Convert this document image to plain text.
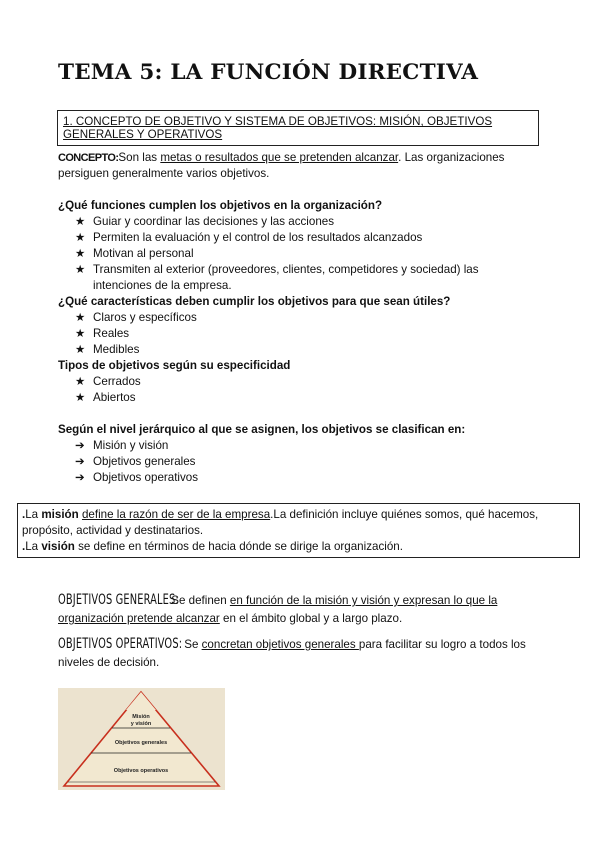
TEMA 5: LA FUNCIÓN DIRECTIVA
1. CONCEPTO DE OBJETIVO Y SISTEMA DE OBJETIVOS: MISIÓN, OBJETIVOS GENERALES Y OPERATIVOS
CONCEPTO:Son las metas o resultados que se pretenden alcanzar. Las organizaciones
persiguen generalmente varios objetivos.
¿Qué funciones cumplen los objetivos en la organización?
★ Guiar y coordinar las decisiones y las acciones
★ Permiten la evaluación y el control de los resultados alcanzados
★ Motivan al personal
★ Transmiten al exterior (proveedores, clientes, competidores y sociedad) las
intenciones de la empresa.
¿Qué características deben cumplir los objetivos para que sean útiles?
★ Claros y específicos
★ Reales
★ Medibles
Tipos de objetivos según su especificidad
★ Cerrados
★ Abiertos
Según el nivel jerárquico al que se asignen, los objetivos se clasifican en:
➔ Misión y visión
➔ Objetivos generales
➔ Objetivos operativos
.La misión define la razón de ser de la empresa.La definición incluye quiénes somos, qué hacemos,
propósito, actividad y destinatarios.
.La visión se define en términos de hacia dónde se dirige la organización.
OBJETIVOS GENERALES: Se definen en función de la misión y visión y expresan lo que la
organización pretende alcanzar en el ámbito global y a largo plazo.
OBJETIVOS OPERATIVOS: Se concretan objetivos generales para facilitar su logro a todos los
niveles de decisión.
Misión
y visión
Objetivos generales
Objetivos operativos
